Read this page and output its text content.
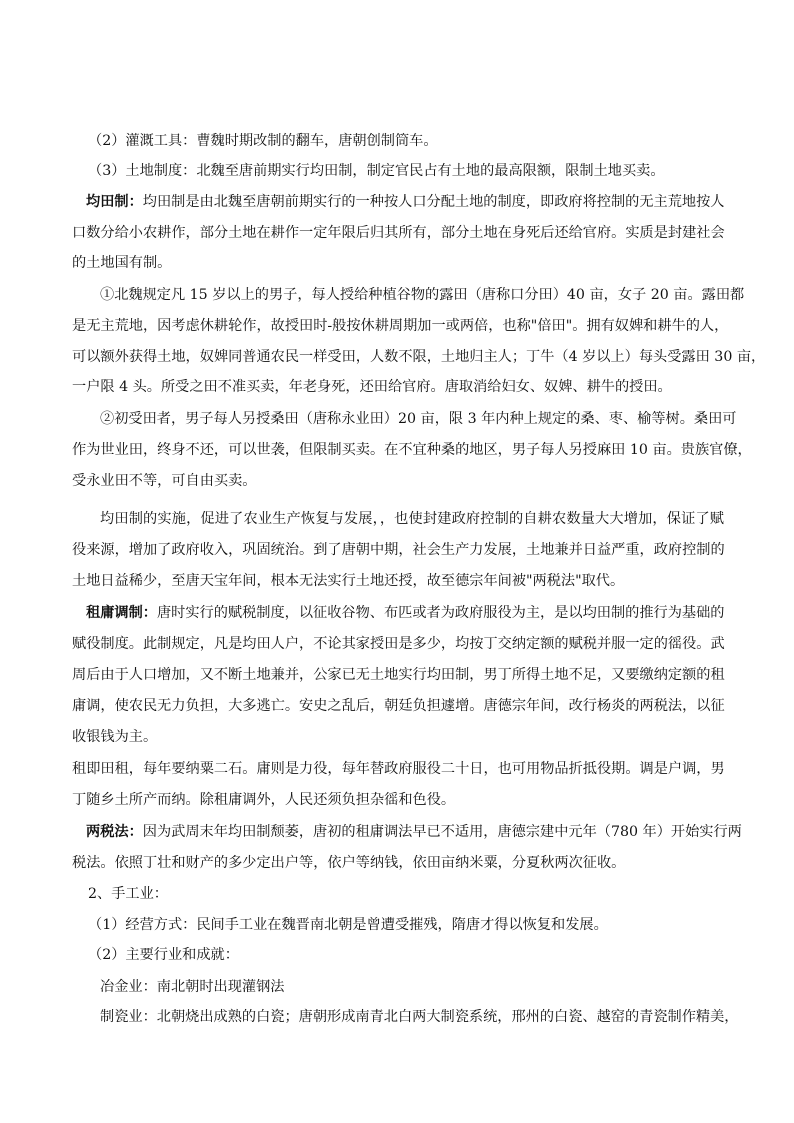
（2）灌溉工具：曹魏时期改制的翻车，唐朝创制筒车。
（3）土地制度：北魏至唐前期实行均田制，制定官民占有土地的最高限额，限制土地买卖。
均田制：均田制是由北魏至唐朝前期实行的一种按人口分配土地的制度，即政府将控制的无主荒地按人
口数分给小农耕作，部分土地在耕作一定年限后归其所有，部分土地在身死后还给官府。实质是封建社会
的土地国有制。
①北魏规定凡 15 岁以上的男子，每人授给种植谷物的露田（唐称口分田）40 亩，女子 20 亩。露田都
是无主荒地，因考虑休耕轮作，故授田时-般按休耕周期加一或两倍，也称"倍田"。拥有奴婢和耕牛的人，
可以额外获得土地，奴婢同普通农民一样受田，人数不限，土地归主人；丁牛（4 岁以上）每头受露田 30 亩，
一户限 4 头。所受之田不准买卖，年老身死，还田给官府。唐取消给妇女、奴婢、耕牛的授田。
②初受田者，男子每人另授桑田（唐称永业田）20 亩，限 3 年内种上规定的桑、枣、榆等树。桑田可
作为世业田，终身不还，可以世袭，但限制买卖。在不宜种桑的地区，男子每人另授麻田 10 亩。贵族官僚，
受永业田不等，可自由买卖。
均田制的实施，促进了农业生产恢复与发展，，也使封建政府控制的自耕农数量大大增加，保证了赋
役来源，增加了政府收入，巩固统治。到了唐朝中期，社会生产力发展，土地兼并日益严重，政府控制的
土地日益稀少，至唐天宝年间，根本无法实行土地还授，故至德宗年间被"两税法"取代。
租庸调制：唐时实行的赋税制度，以征收谷物、布匹或者为政府服役为主，是以均田制的推行为基础的
赋役制度。此制规定，凡是均田人户，不论其家授田是多少，均按丁交纳定额的赋税并服一定的徭役。武
周后由于人口增加，又不断土地兼并，公家已无土地实行均田制，男丁所得土地不足，又要缴纳定额的租
庸调，使农民无力负担，大多逃亡。安史之乱后，朝廷负担遽增。唐德宗年间，改行杨炎的两税法，以征
收银钱为主。
租即田租，每年要纳粟二石。庸则是力役，每年替政府服役二十日，也可用物品折抵役期。调是户调，男
丁随乡土所产而纳。除租庸调外，人民还须负担杂徭和色役。
两税法：因为武周末年均田制颓萎，唐初的租庸调法早已不适用，唐德宗建中元年（780 年）开始实行两
税法。依照丁壮和财产的多少定出户等，依户等纳钱，依田亩纳米粟，分夏秋两次征收。
2、手工业：
（1）经营方式：民间手工业在魏晋南北朝是曾遭受摧残，隋唐才得以恢复和发展。
（2）主要行业和成就：
冶金业：南北朝时出现灌钢法
制瓷业：北朝烧出成熟的白瓷；唐朝形成南青北白两大制瓷系统，邢州的白瓷、越窑的青瓷制作精美，
